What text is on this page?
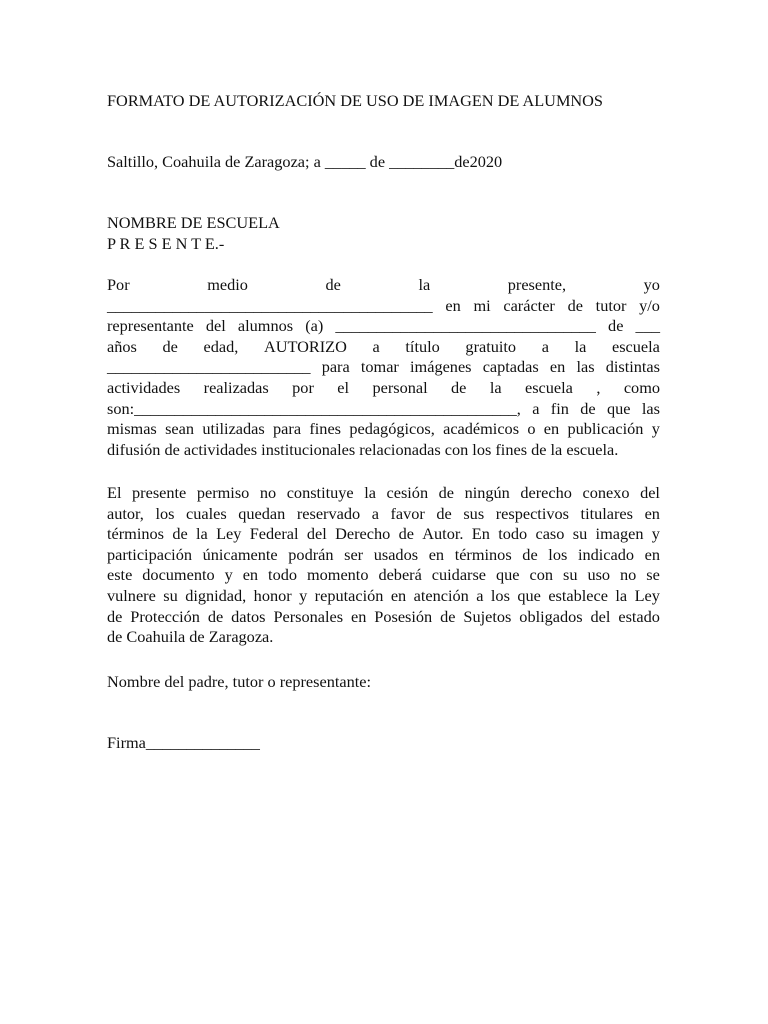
FORMATO DE AUTORIZACIÓN DE USO DE IMAGEN DE ALUMNOS
Saltillo, Coahuila de Zaragoza; a _____ de ________de2020
NOMBRE DE ESCUELA
P R E S E N T E.-
Por	medio	de	la	presente,	yo
________________________________________ en mi carácter de tutor y/o
representante del alumnos (a) ________________________________ de ___
años de edad, AUTORIZO a título gratuito a la escuela
_________________________ para tomar imágenes captadas en las distintas
actividades realizadas por el personal de la escuela , como
son:_______________________________________________, a fin de que las
mismas sean utilizadas para fines pedagógicos, académicos o en publicación y
difusión de actividades institucionales relacionadas con los fines de la escuela.
El presente permiso no constituye la cesión de ningún derecho conexo del
autor, los cuales quedan reservado a favor de sus respectivos titulares en
términos de la Ley Federal del Derecho de Autor. En todo caso su imagen y
participación únicamente podrán ser usados en términos de los indicado en
este documento y en todo momento deberá cuidarse que con su uso no se
vulnere su dignidad, honor y reputación en atención a los que establece la Ley
de Protección de datos Personales en Posesión de Sujetos obligados del estado
de Coahuila de Zaragoza.
Nombre del padre, tutor o representante:
Firma______________
